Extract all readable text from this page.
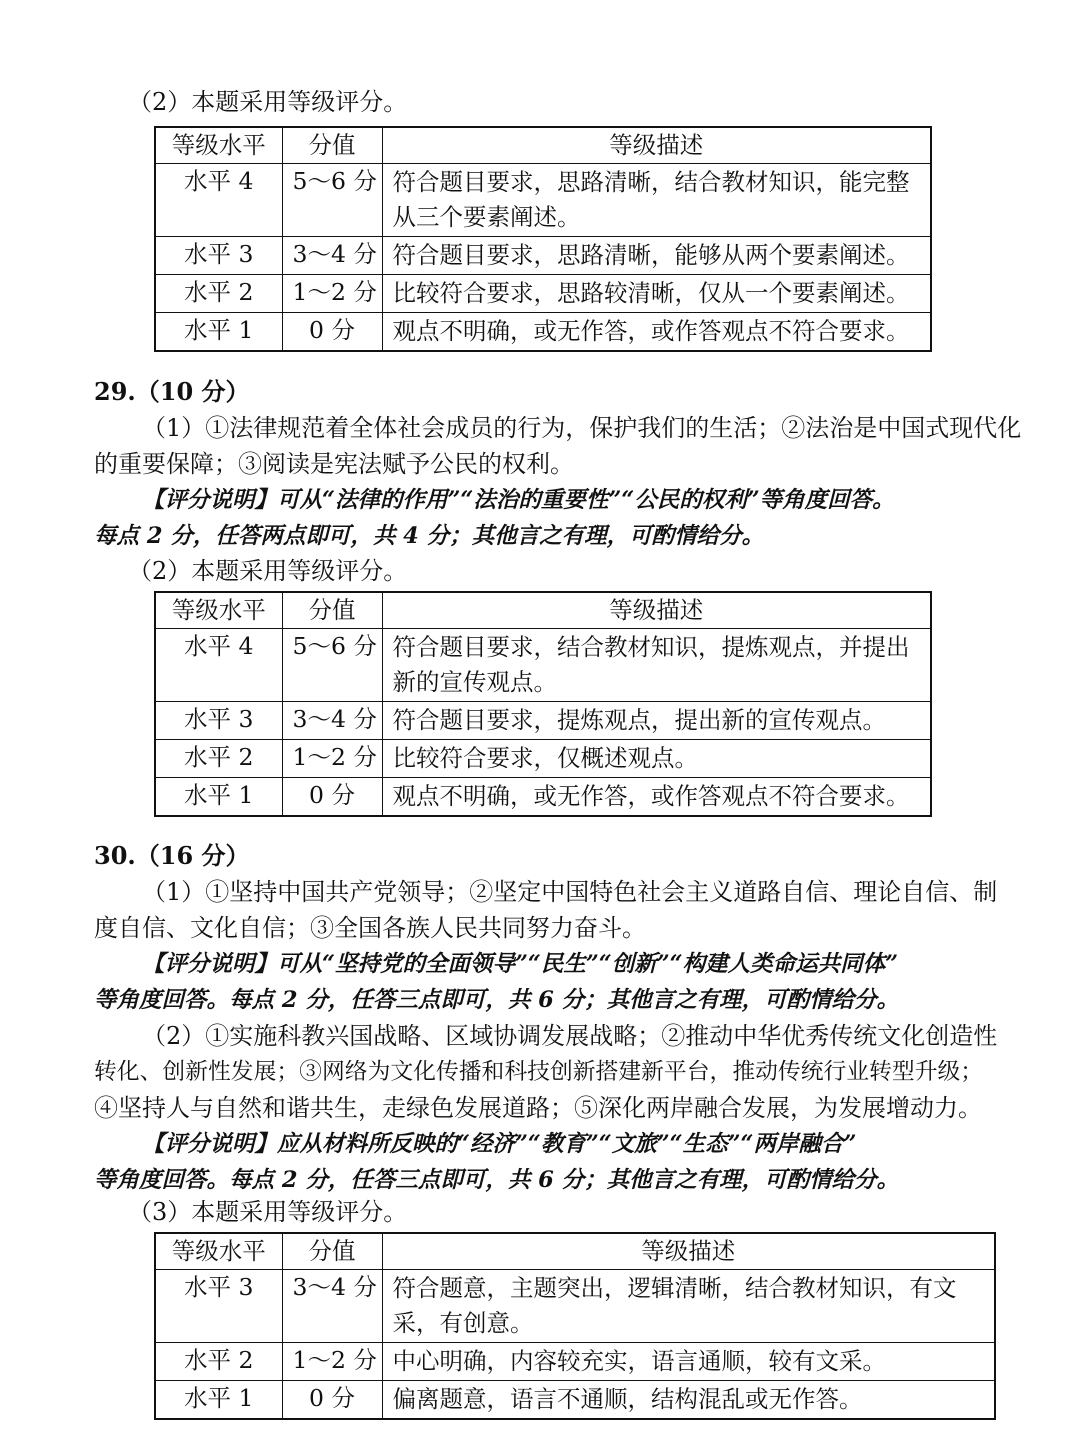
（2）本题采用等级评分。
等级水平	分值	等级描述
水平 4	5～6 分	符合题目要求，思路清晰，结合教材知识，能完整从三个要素阐述。
水平 3	3～4 分	符合题目要求，思路清晰，能够从两个要素阐述。
水平 2	1～2 分	比较符合要求，思路较清晰，仅从一个要素阐述。
水平 1	0 分	观点不明确，或无作答，或作答观点不符合要求。
29.（10 分）
（1）①法律规范着全体社会成员的行为，保护我们的生活；②法治是中国式现代化
的重要保障；③阅读是宪法赋予公民的权利。
【评分说明】可从“法律的作用”“法治的重要性”“公民的权利”等角度回答。
每点 2 分，任答两点即可，共 4 分；其他言之有理，可酌情给分。
（2）本题采用等级评分。
等级水平	分值	等级描述
水平 4	5～6 分	符合题目要求，结合教材知识，提炼观点，并提出新的宣传观点。
水平 3	3～4 分	符合题目要求，提炼观点，提出新的宣传观点。
水平 2	1～2 分	比较符合要求，仅概述观点。
水平 1	0 分	观点不明确，或无作答，或作答观点不符合要求。
30.（16 分）
（1）①坚持中国共产党领导；②坚定中国特色社会主义道路自信、理论自信、制
度自信、文化自信；③全国各族人民共同努力奋斗。
【评分说明】可从“坚持党的全面领导”“民生”“创新”“构建人类命运共同体”
等角度回答。每点 2 分，任答三点即可，共 6 分；其他言之有理，可酌情给分。
（2）①实施科教兴国战略、区域协调发展战略；②推动中华优秀传统文化创造性
转化、创新性发展；③网络为文化传播和科技创新搭建新平台，推动传统行业转型升级；
④坚持人与自然和谐共生，走绿色发展道路；⑤深化两岸融合发展，为发展增动力。
【评分说明】应从材料所反映的“经济”“教育”“文旅”“生态”“两岸融合”
等角度回答。每点 2 分，任答三点即可，共 6 分；其他言之有理，可酌情给分。
（3）本题采用等级评分。
等级水平	分值	等级描述
水平 3	3～4 分	符合题意，主题突出，逻辑清晰，结合教材知识，有文采，有创意。
水平 2	1～2 分	中心明确，内容较充实，语言通顺，较有文采。
水平 1	0 分	偏离题意，语言不通顺，结构混乱或无作答。
